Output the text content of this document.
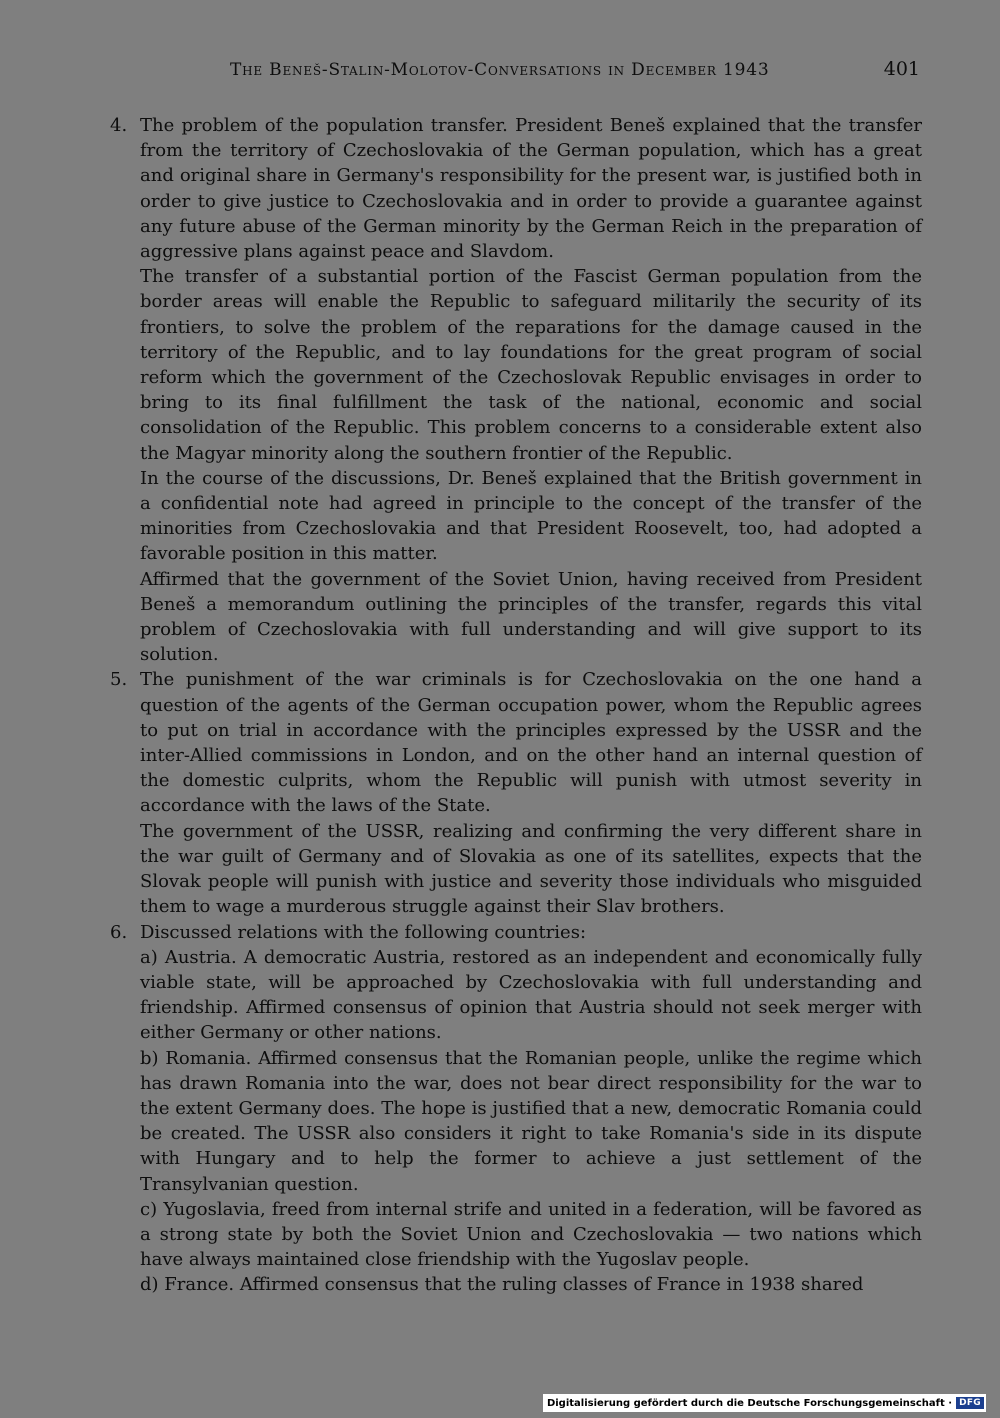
The Beneš-Stalin-Molotov-Conversations in December 1943	401
4. The problem of the population transfer. President Beneš explained that the transfer from the territory of Czechoslovakia of the German population, which has a great and original share in Germany's responsibility for the present war, is justified both in order to give justice to Czechoslovakia and in order to provide a guarantee against any future abuse of the German minority by the German Reich in the preparation of aggressive plans against peace and Slavdom.

The transfer of a substantial portion of the Fascist German population from the border areas will enable the Republic to safeguard militarily the security of its frontiers, to solve the problem of the reparations for the damage caused in the territory of the Republic, and to lay foundations for the great program of social reform which the government of the Czechoslovak Republic envisages in order to bring to its final fulfillment the task of the national, economic and social consolidation of the Republic. This problem concerns to a considerable extent also the Magyar minority along the southern frontier of the Republic.

In the course of the discussions, Dr. Beneš explained that the British government in a confidential note had agreed in principle to the concept of the transfer of the minorities from Czechoslovakia and that President Roosevelt, too, had adopted a favorable position in this matter.

Affirmed that the government of the Soviet Union, having received from President Beneš a memorandum outlining the principles of the transfer, regards this vital problem of Czechoslovakia with full understanding and will give support to its solution.

5. The punishment of the war criminals is for Czechoslovakia on the one hand a question of the agents of the German occupation power, whom the Republic agrees to put on trial in accordance with the principles expressed by the USSR and the inter-Allied commissions in London, and on the other hand an internal question of the domestic culprits, whom the Republic will punish with utmost severity in accordance with the laws of the State.

The government of the USSR, realizing and confirming the very different share in the war guilt of Germany and of Slovakia as one of its satellites, expects that the Slovak people will punish with justice and severity those individuals who misguided them to wage a murderous struggle against their Slav brothers.

6. Discussed relations with the following countries:

a) Austria. A democratic Austria, restored as an independent and economically fully viable state, will be approached by Czechoslovakia with full understanding and friendship. Affirmed consensus of opinion that Austria should not seek merger with either Germany or other nations.

b) Romania. Affirmed consensus that the Romanian people, unlike the regime which has drawn Romania into the war, does not bear direct responsibility for the war to the extent Germany does. The hope is justified that a new, democratic Romania could be created. The USSR also considers it right to take Romania's side in its dispute with Hungary and to help the former to achieve a just settlement of the Transylvanian question.

c) Yugoslavia, freed from internal strife and united in a federation, will be favored as a strong state by both the Soviet Union and Czechoslovakia — two nations which have always maintained close friendship with the Yugoslav people.

d) France. Affirmed consensus that the ruling classes of France in 1938 shared

Digitalisierung gefördert durch die Deutsche Forschungsgemeinschaft · DFG
